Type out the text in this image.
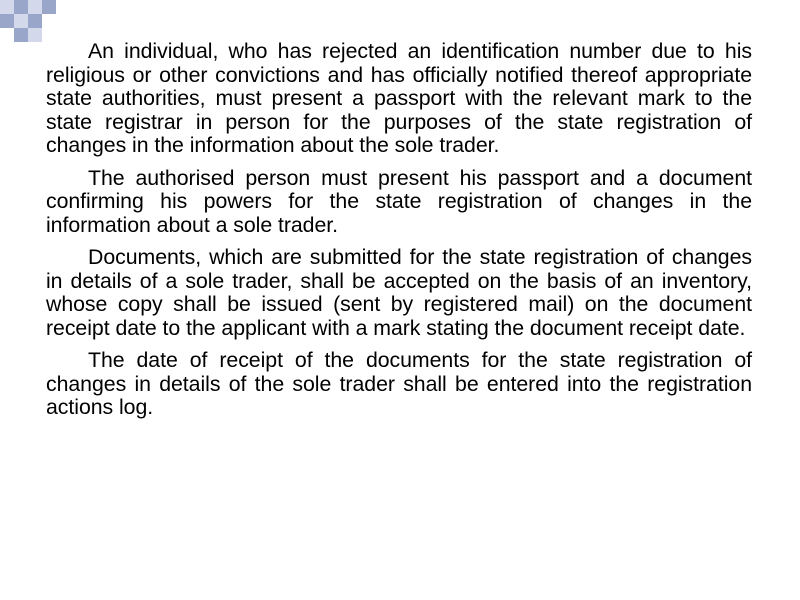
An individual, who has rejected an identification number due to his religious or other convictions and has officially notified thereof appropriate state authorities, must present a passport with the relevant mark to the state registrar in person for the purposes of the state registration of changes in the information about the sole trader.

The authorised person must present his passport and a document confirming his powers for the state registration of changes in the information about a sole trader.

Documents, which are submitted for the state registration of changes in details of a sole trader, shall be accepted on the basis of an inventory, whose copy shall be issued (sent by registered mail) on the document receipt date to the applicant with a mark stating the document receipt date.

The date of receipt of the documents for the state registration of changes in details of the sole trader shall be entered into the registration actions log.
